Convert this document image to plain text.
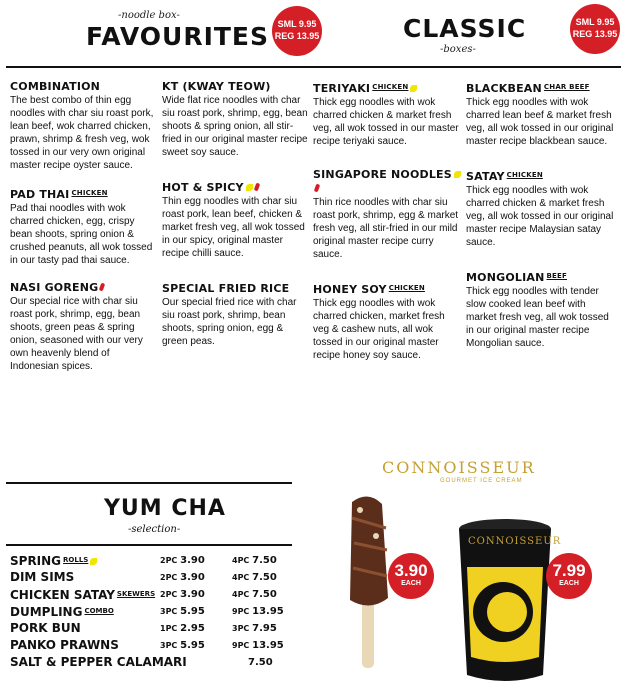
-noodle box-
FAVOURITES SML 9.95
REG 13.95	CLASSIC
-boxes-
SML 9.95
REG 13.95
COMBINATION
The best combo of thin egg noodles with char siu roast pork, lean beef, wok charred chicken, prawn, shrimp & fresh veg, wok tossed in our very own original master recipe oyster sauce.
PAD THAI $^{CHICKEN}$
Pad thai noodles with wok charred chicken, egg, crispy bean shoots, spring onion & crushed peanuts, all wok tossed in our tasty pad thai sauce.
NASI GORENG
Our special rice with char siu roast pork, shrimp, egg, bean shoots, green peas & spring onion, seasoned with our very own heavenly blend of Indonesian spices.
KT (KWAY TEOW)
Wide flat rice noodles with char siu roast pork, shrimp, egg, bean shoots & spring onion, all stir-fried in our original master recipe sweet soy sauce.
HOT & SPICY
Thin egg noodles with char siu roast pork, lean beef, chicken & market fresh veg, all wok tossed in our spicy, original master recipe chilli sauce.
SPECIAL FRIED RICE
Our special fried rice with char siu roast pork, shrimp, bean shoots, spring onion, egg & green peas.
TERIYAKI $^{CHICKEN}$
Thick egg noodles with wok charred chicken & market fresh veg, all wok tossed in our master recipe teriyaki sauce.
SINGAPORE NOODLES
Thin rice noodles with char siu roast pork, shrimp, egg & market fresh veg, all stir-fried in our mild original master recipe curry sauce.
HONEY SOY $^{CHICKEN}$
Thick egg noodles with wok charred chicken, market fresh veg & cashew nuts, all wok tossed in our original master recipe honey soy sauce.
BLACKBEAN $^{CHAR BEEF}$
Thick egg noodles with wok charred lean beef & market fresh veg, all wok tossed in our original master recipe blackbean sauce.
SATAY $^{CHICKEN}$
Thick egg noodles with wok charred chicken & market fresh veg, all wok tossed in our original master recipe Malaysian satay sauce.
MONGOLIAN $^{BEEF}$
Thick egg noodles with tender slow cooked lean beef with market fresh veg, all wok tossed in our original master recipe Mongolian sauce.
YUM CHA
-selection-
SPRING $^{ROLLS}$	2PC 3.90	4PC 7.50
DIM SIMS	2PC 3.90	4PC 7.50
CHICKEN SATAY $^{SKEWERS}$ 2PC 3.90	4PC 7.50
DUMPLING $^{COMBO}$	3PC 5.95	9PC 13.95
PORK BUN	1PC 2.95	3PC 7.95
PANKO PRAWNS	3PC 5.95	9PC 13.95
SALT & PEPPER CALAMARI	7.50
CONNOISSEUR
GOURMET ICE CREAM
3.90
EACH
CONNOISSEUR
7.99
EACH
